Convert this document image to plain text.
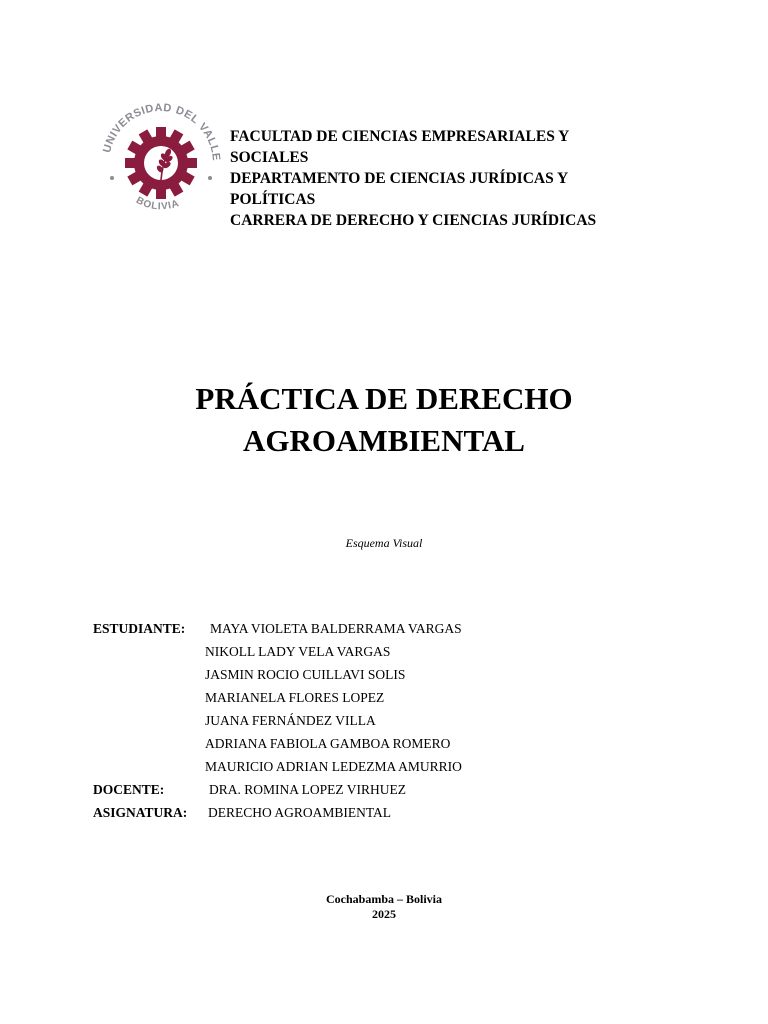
UNIVERSIDAD DEL VALLE
BOLIVIA
FACULTAD DE CIENCIAS EMPRESARIALES Y
SOCIALES
DEPARTAMENTO DE CIENCIAS JURÍDICAS Y
POLÍTICAS
CARRERA DE DERECHO Y CIENCIAS JURÍDICAS
PRÁCTICA DE DERECHO
AGROAMBIENTAL
Esquema Visual
ESTUDIANTE:	MAYA VIOLETA BALDERRAMA VARGAS
NIKOLL LADY VELA VARGAS
JASMIN ROCIO CUILLAVI SOLIS
MARIANELA FLORES LOPEZ
JUANA FERNÁNDEZ VILLA
ADRIANA FABIOLA GAMBOA ROMERO
MAURICIO ADRIAN LEDEZMA AMURRIO
DOCENTE:	DRA. ROMINA LOPEZ VIRHUEZ
ASIGNATURA:	DERECHO AGROAMBIENTAL
Cochabamba – Bolivia
2025
